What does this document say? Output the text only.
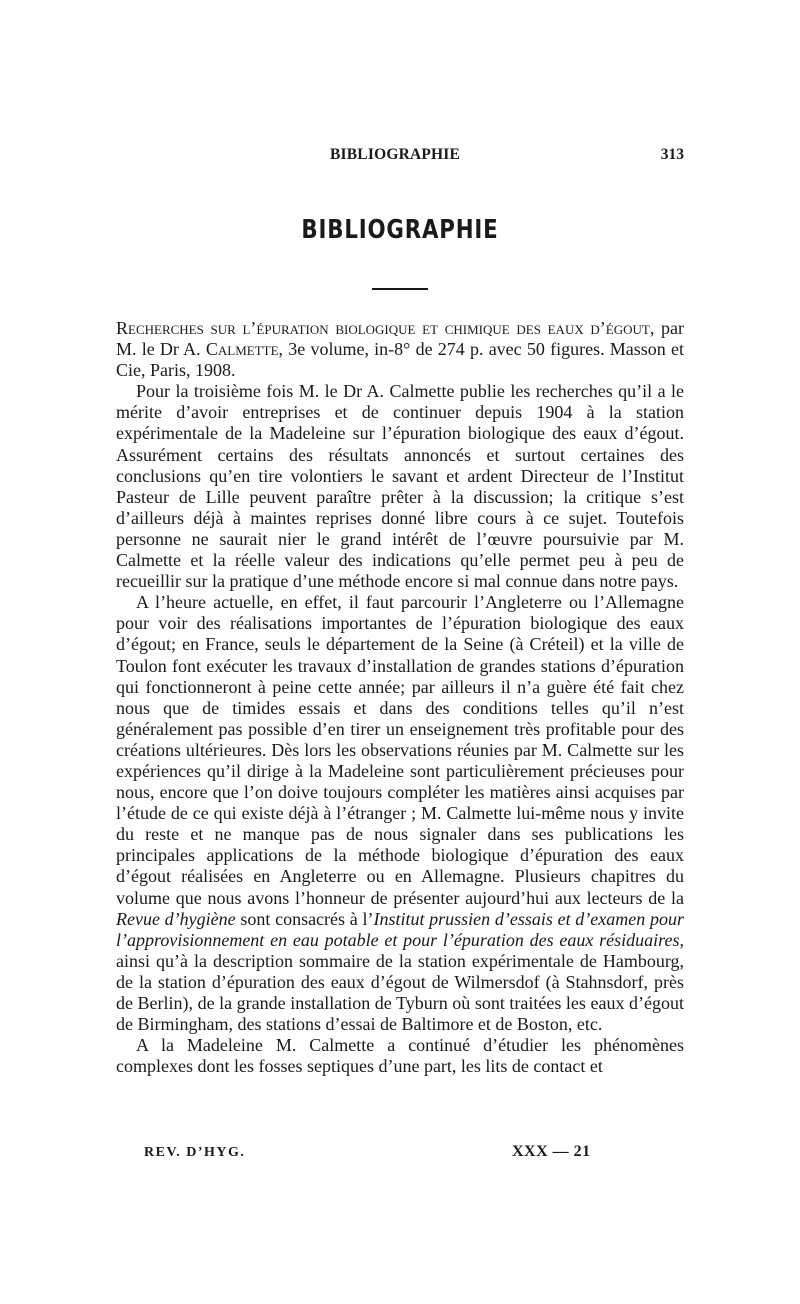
BIBLIOGRAPHIE	313
BIBLIOGRAPHIE

Recherches sur l’épuration biologique et chimique des eaux d’égout, par M. le Dr A. Calmette, 3e volume, in-8° de 274 p. avec 50 figures. Masson et Cie, Paris, 1908.

Pour la troisième fois M. le Dr A. Calmette publie les recherches qu’il a le mérite d’avoir entreprises et de continuer depuis 1904 à la station expérimentale de la Madeleine sur l’épuration biologique des eaux d’égout. Assurément certains des résultats annoncés et surtout certaines des conclusions qu’en tire volontiers le savant et ardent Directeur de l’Institut Pasteur de Lille peuvent paraître prêter à la discussion; la critique s’est d’ailleurs déjà à maintes reprises donné libre cours à ce sujet. Toutefois personne ne saurait nier le grand intérêt de l’œuvre poursuivie par M. Calmette et la réelle valeur des indications qu’elle permet peu à peu de recueillir sur la pratique d’une méthode encore si mal connue dans notre pays.

A l’heure actuelle, en effet, il faut parcourir l’Angleterre ou l’Allemagne pour voir des réalisations importantes de l’épuration biologique des eaux d’égout; en France, seuls le département de la Seine (à Créteil) et la ville de Toulon font exécuter les travaux d’installation de grandes stations d’épuration qui fonctionneront à peine cette année; par ailleurs il n’a guère été fait chez nous que de timides essais et dans des conditions telles qu’il n’est généralement pas possible d’en tirer un enseignement très profitable pour des créations ultérieures. Dès lors les observations réunies par M. Calmette sur les expériences qu’il dirige à la Madeleine sont particulièrement précieuses pour nous, encore que l’on doive toujours compléter les matières ainsi acquises par l’étude de ce qui existe déjà à l’étranger ; M. Calmette lui-même nous y invite du reste et ne manque pas de nous signaler dans ses publications les principales applications de la méthode biologique d’épuration des eaux d’égout réalisées en Angleterre ou en Allemagne. Plusieurs chapitres du volume que nous avons l’honneur de présenter aujourd’hui aux lecteurs de la Revue d’hygiène sont consacrés à l’Institut prussien d’essais et d’examen pour l’approvisionnement en eau potable et pour l’épuration des eaux résiduaires, ainsi qu’à la description sommaire de la station expérimentale de Hambourg, de la station d’épuration des eaux d’égout de Wilmersdof (à Stahnsdorf, près de Berlin), de la grande installation de Tyburn où sont traitées les eaux d’égout de Birmingham, des stations d’essai de Baltimore et de Boston, etc.

A la Madeleine M. Calmette a continué d’étudier les phénomènes complexes dont les fosses septiques d’une part, les lits de contact et

REV. D’HYG.	XXX — 21
